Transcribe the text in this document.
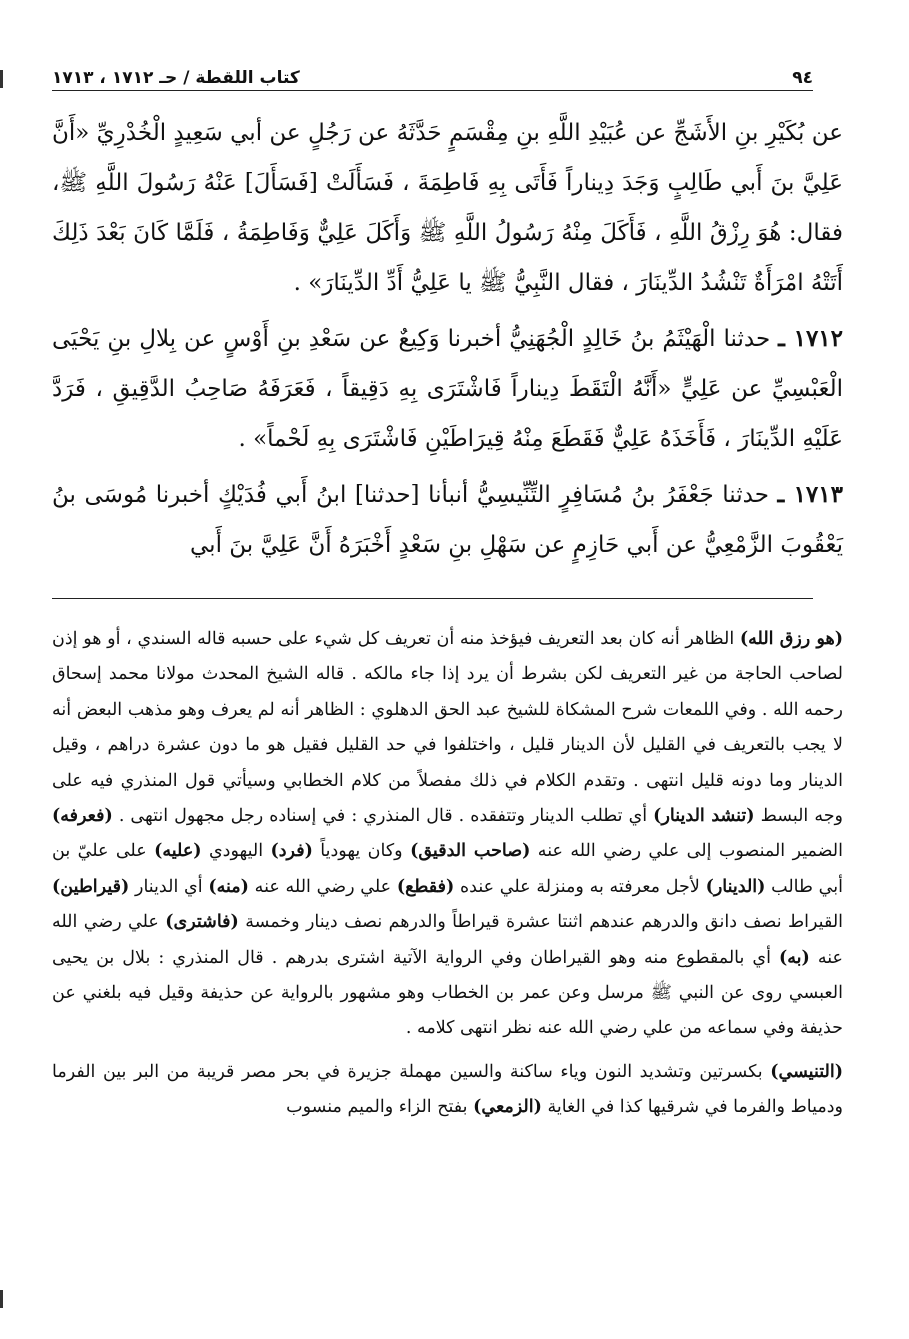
٩٤
كتاب اللقطة / حـ ١٧١٢ ، ١٧١٣

عن بُكَيْرِ بنِ الأَشَجِّ عن عُبَيْدِ اللَّهِ بنِ مِقْسَمٍ حَدَّثَهُ عن رَجُلٍ عن أبي سَعِيدٍ الْخُدْرِيِّ «أَنَّ عَلِيَّ بنَ أَبي طَالِبٍ وَجَدَ دِيناراً فَأَتَى بِهِ فَاطِمَةَ ، فَسَأَلَتْ [فَسَأَلَ] عَنْهُ رَسُولَ اللَّهِ ﷺ، فقال: هُوَ رِزْقُ اللَّهِ ، فَأَكَلَ مِنْهُ رَسُولُ اللَّهِ ﷺ وَأَكَلَ عَلِيٌّ وَفَاطِمَةُ ، فَلَمَّا كَانَ بَعْدَ ذَلِكَ أَتَتْهُ امْرَأَةٌ تَنْشُدُ الدِّينَارَ ، فقال النَّبِيُّ ﷺ يا عَلِيُّ أَدِّ الدِّينَارَ» .

١٧١٢ ـ حدثنا الْهَيْثَمُ بنُ خَالِدٍ الْجُهَنِيُّ أخبرنا وَكِيعٌ عن سَعْدِ بنِ أَوْسٍ عن بِلالِ بنِ يَحْيَى الْعَبْسِيِّ عن عَلِيٍّ «أَنَّهُ الْتَقَطَ دِيناراً فَاشْتَرَى بِهِ دَقِيقاً ، فَعَرَفَهُ صَاحِبُ الدَّقِيقِ ، فَرَدَّ عَلَيْهِ الدِّينَارَ ، فَأَخَذَهُ عَلِيٌّ فَقَطَعَ مِنْهُ قِيرَاطَيْنِ فَاشْتَرَى بِهِ لَحْماً» .

١٧١٣ ـ حدثنا جَعْفَرُ بنُ مُسَافِرٍ التِّنِّيسِيُّ أنبأنا [حدثنا] ابنُ أَبي فُدَيْكٍ أخبرنا مُوسَى بنُ يَعْقُوبَ الزَّمْعِيُّ عن أَبي حَازِمٍ عن سَهْلِ بنِ سَعْدٍ أَخْبَرَهُ أَنَّ عَلِيَّ بنَ أَبي

(هو رزق الله) الظاهر أنه كان بعد التعريف فيؤخذ منه أن تعريف كل شيء على حسبه قاله السندي ، أو هو إذن لصاحب الحاجة من غير التعريف لكن بشرط أن يرد إذا جاء مالكه . قاله الشيخ المحدث مولانا محمد إسحاق رحمه الله . وفي اللمعات شرح المشكاة للشيخ عبد الحق الدهلوي : الظاهر أنه لم يعرف وهو مذهب البعض أنه لا يجب بالتعريف في القليل لأن الدينار قليل ، واختلفوا في حد القليل فقيل هو ما دون عشرة دراهم ، وقيل الدينار وما دونه قليل انتهى . وتقدم الكلام في ذلك مفصلاً من كلام الخطابي وسيأتي قول المنذري فيه على وجه البسط (تنشد الدينار) أي تطلب الدينار وتتفقده . قال المنذري : في إسناده رجل مجهول انتهى . (فعرفه) الضمير المنصوب إلى علي رضي الله عنه (صاحب الدقيق) وكان يهودياً (فرد) اليهودي (عليه) على عليّ بن أبي طالب (الدينار) لأجل معرفته به ومنزلة علي عنده (فقطع) علي رضي الله عنه (منه) أي الدينار (قيراطين) القيراط نصف دانق والدرهم عندهم اثنتا عشرة قيراطاً والدرهم نصف دينار وخمسة (فاشترى) علي رضي الله عنه (به) أي بالمقطوع منه وهو القيراطان وفي الرواية الآتية اشترى بدرهم . قال المنذري : بلال بن يحيى العبسي روى عن النبي ﷺ مرسل وعن عمر بن الخطاب وهو مشهور بالرواية عن حذيفة وقيل فيه بلغني عن حذيفة وفي سماعه من علي رضي الله عنه نظر انتهى كلامه .

(التنيسي) بكسرتين وتشديد النون وياء ساكنة والسين مهملة جزيرة في بحر مصر قريبة من البر بين الفرما ودمياط والفرما في شرقيها كذا في الغاية (الزمعي) بفتح الزاء والميم منسوب
